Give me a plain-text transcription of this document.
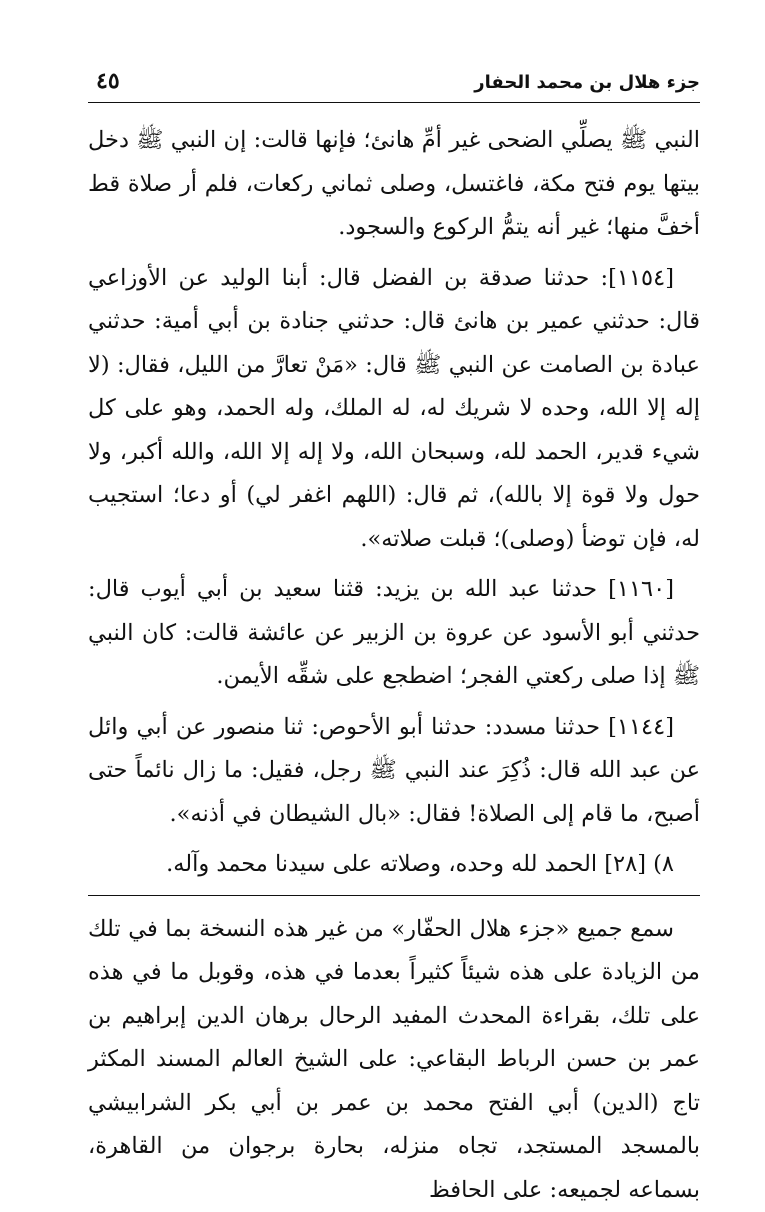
جزء هلال بن محمد الحفار
٤٥

النبي ﷺ يصلِّي الضحى غير أمِّ هانئ؛ فإنها قالت: إن النبي ﷺ دخل بيتها يوم فتح مكة، فاغتسل، وصلى ثماني ركعات، فلم أر صلاة قط أخفَّ منها؛ غير أنه يتمُّ الركوع والسجود.

[١١٥٤]: حدثنا صدقة بن الفضل قال: أبنا الوليد عن الأوزاعي قال: حدثني عمير بن هانئ قال: حدثني جنادة بن أبي أمية: حدثني عبادة بن الصامت عن النبي ﷺ قال: «مَنْ تعارَّ من الليل، فقال: (لا إله إلا الله، وحده لا شريك له، له الملك، وله الحمد، وهو على كل شيء قدير، الحمد لله، وسبحان الله، ولا إله إلا الله، والله أكبر، ولا حول ولا قوة إلا بالله)، ثم قال: (اللهم اغفر لي) أو دعا؛ استجيب له، فإن توضأ (وصلى)؛ قبلت صلاته».

[١١٦٠] حدثنا عبد الله بن يزيد: قثنا سعيد بن أبي أيوب قال: حدثني أبو الأسود عن عروة بن الزبير عن عائشة قالت: كان النبي ﷺ إذا صلى ركعتي الفجر؛ اضطجع على شقِّه الأيمن.

[١١٤٤] حدثنا مسدد: حدثنا أبو الأحوص: ثنا منصور عن أبي وائل عن عبد الله قال: ذُكِرَ عند النبي ﷺ رجل، فقيل: ما زال نائماً حتى أصبح، ما قام إلى الصلاة! فقال: «بال الشيطان في أذنه».

٨) [٢٨] الحمد لله وحده، وصلاته على سيدنا محمد وآله.

سمع جميع «جزء هلال الحفّار» من غير هذه النسخة بما في تلك من الزيادة على هذه شيئاً كثيراً بعدما في هذه، وقوبل ما في هذه على تلك، بقراءة المحدث المفيد الرحال برهان الدين إبراهيم بن عمر بن حسن الرباط البقاعي: على الشيخ العالم المسند المكثر تاج (الدين) أبي الفتح محمد بن عمر بن أبي بكر الشرابيشي بالمسجد المستجد، تجاه منزله، بحارة برجوان من القاهرة، بسماعه لجميعه: على الحافظ
